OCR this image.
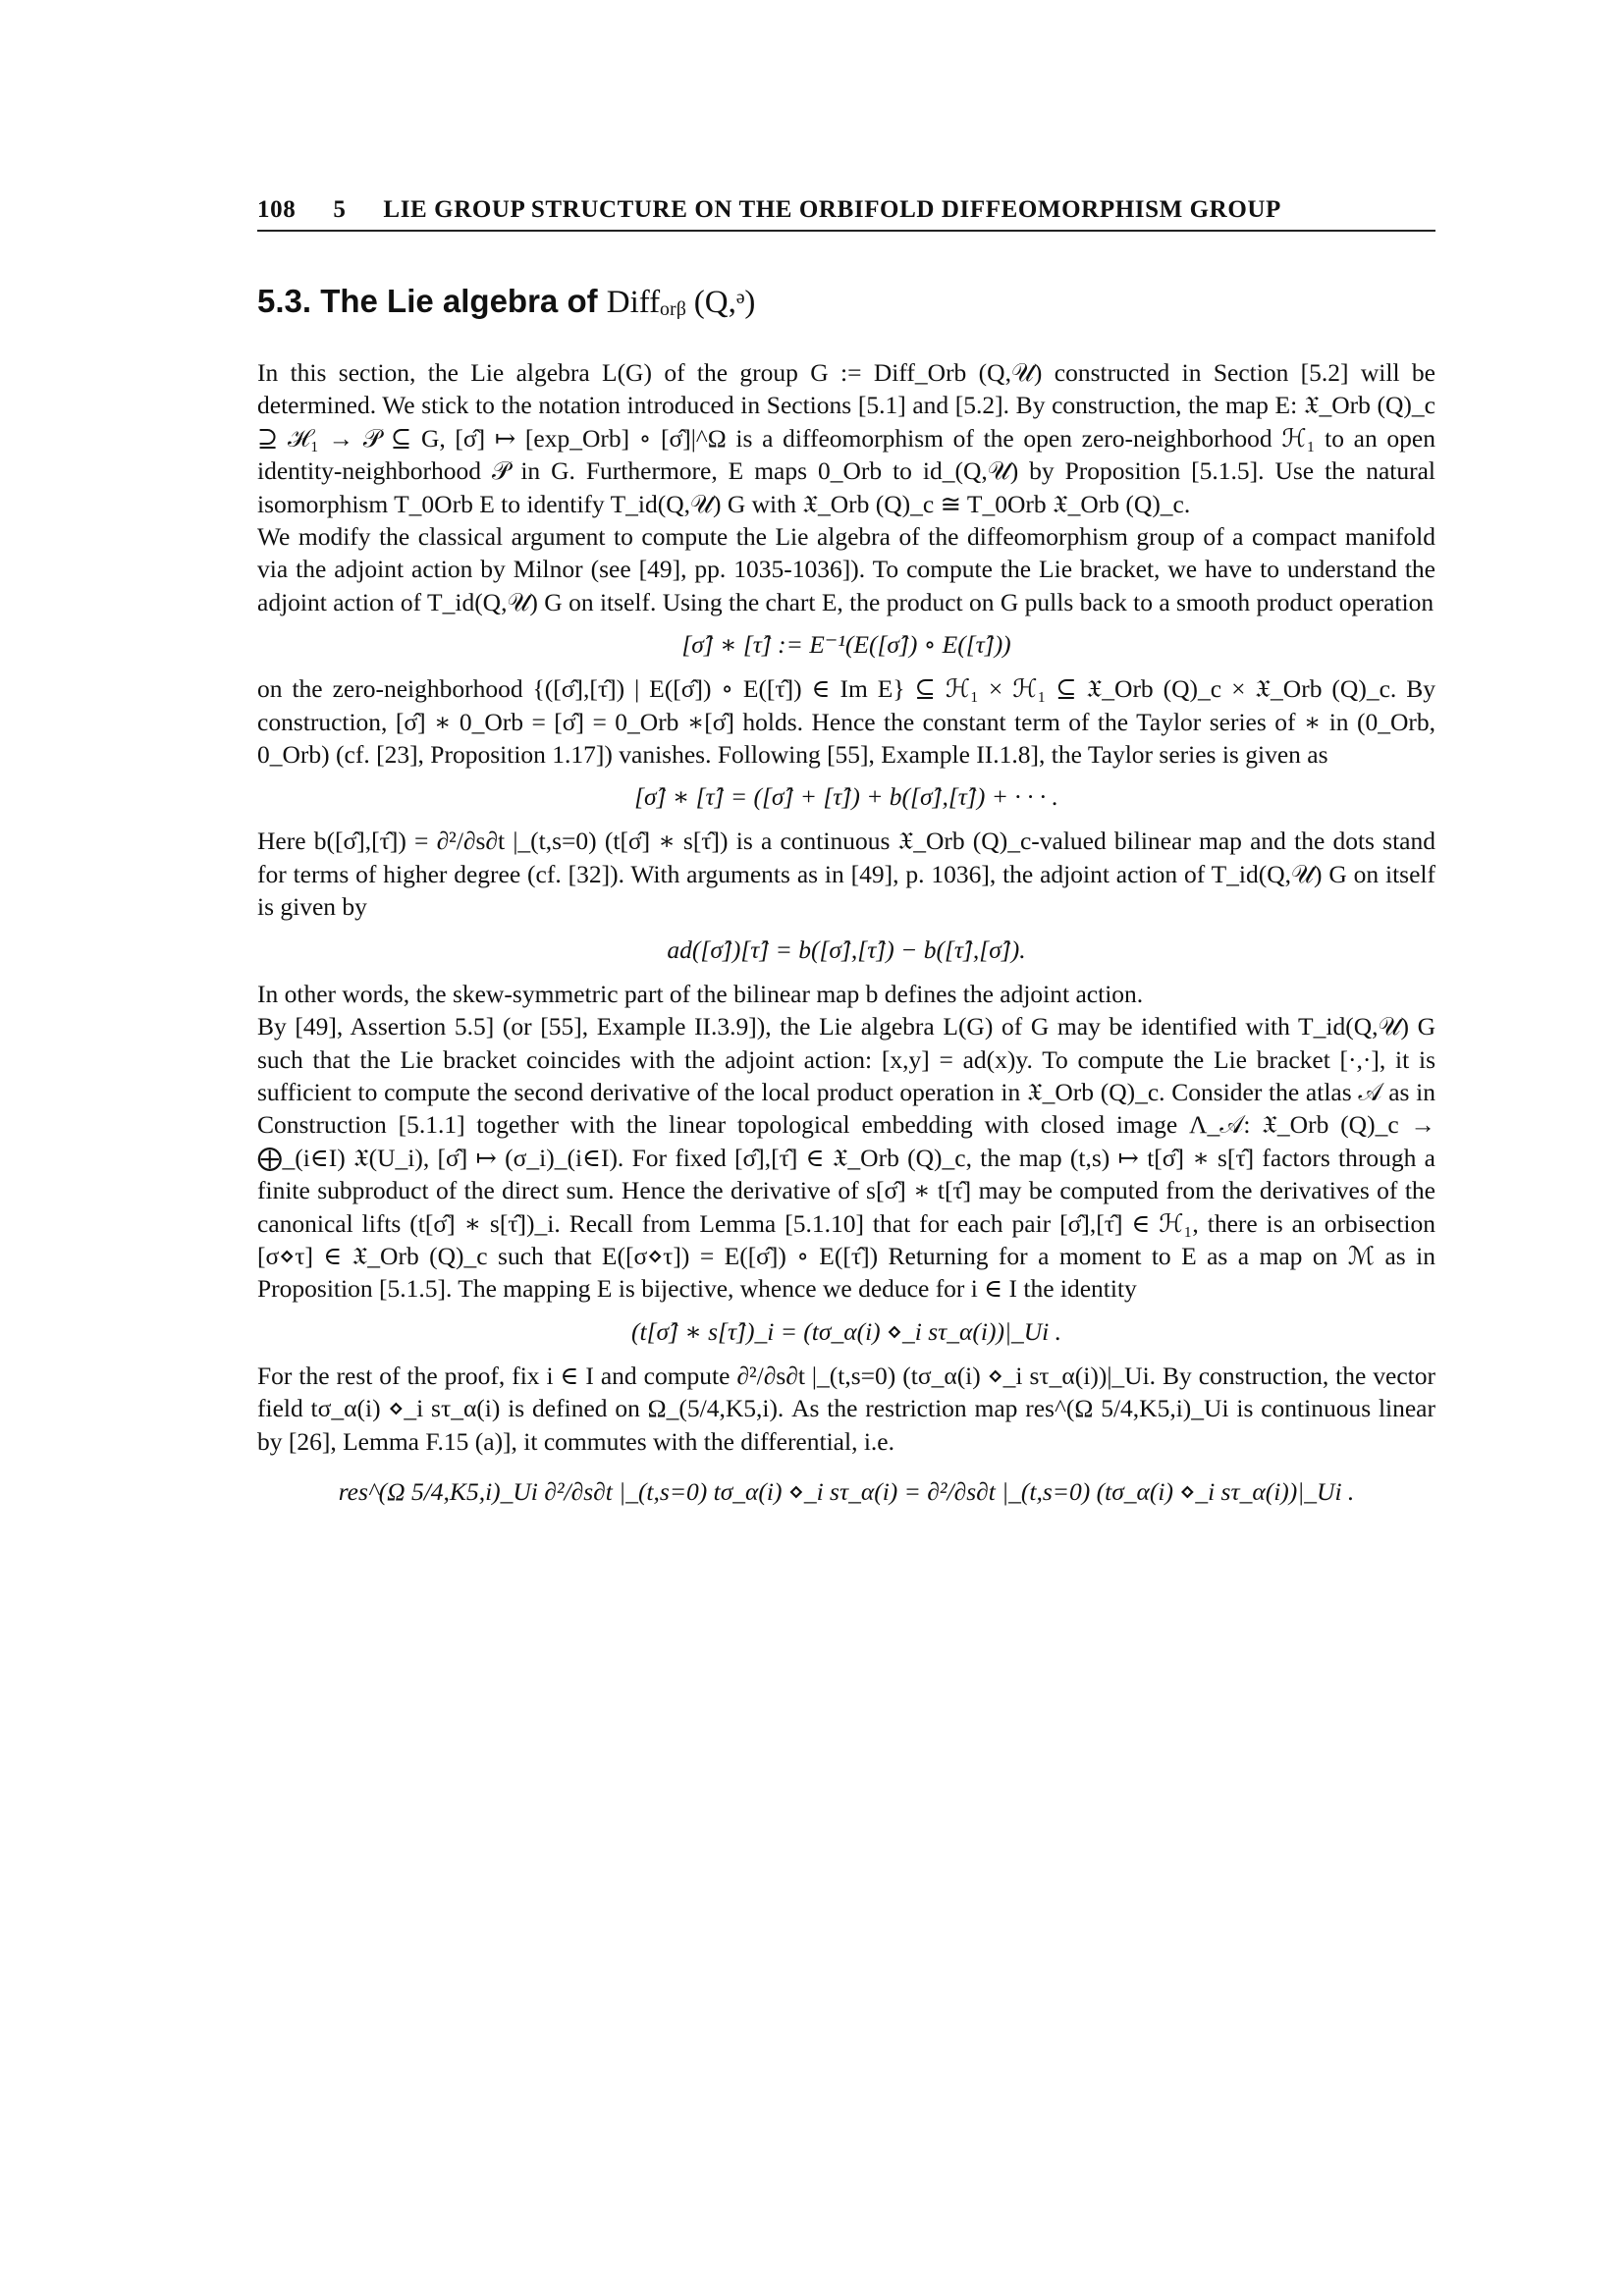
108 5 LIE GROUP STRUCTURE ON THE ORBIFOLD DIFFEOMORPHISM GROUP
5.3. The Lie algebra of Diffₒᵣᵦ (Q,ᵊ)

In this section, the Lie algebra L(G) of the group G := Diff_Orb (Q,𝒰) constructed in Section [5.2] will be determined. We stick to the notation introduced in Sections [5.1] and [5.2]. By construction, the map E: 𝔛_Orb (Q)_c ⊇ ℋ₁ → 𝒫 ⊆ G, [σ̂] ↦ [exp_Orb] ∘ [σ̂]|^Ω is a diffeomorphism of the open zero-neighborhood ℋ₁ to an open identity-neighborhood 𝒫 in G. Furthermore, E maps 0_Orb to id_(Q,𝒰) by Proposition [5.1.5]. Use the natural isomorphism T_0Orb E to identify T_id(Q,𝒰) G with 𝔛_Orb (Q)_c ≅ T_0Orb 𝔛_Orb (Q)_c.

We modify the classical argument to compute the Lie algebra of the diffeomorphism group of a compact manifold via the adjoint action by Milnor (see [49], pp. 1035-1036]). To compute the Lie bracket, we have to understand the adjoint action of T_id(Q,𝒰) G on itself. Using the chart E, the product on G pulls back to a smooth product operation

[σ̂] ∗ [τ̂] := E⁻¹(E([σ̂]) ∘ E([τ̂]))

on the zero-neighborhood {([σ̂],[τ̂]) | E([σ̂]) ∘ E([τ̂]) ∈ Im E} ⊆ ℋ₁ × ℋ₁ ⊆ 𝔛_Orb (Q)_c × 𝔛_Orb (Q)_c. By construction, [σ̂] ∗ 0_Orb = [σ̂] = 0_Orb ∗[σ̂] holds. Hence the constant term of the Taylor series of ∗ in (0_Orb, 0_Orb) (cf. [23], Proposition 1.17]) vanishes. Following [55], Example II.1.8], the Taylor series is given as

[σ̂] ∗ [τ̂] = ([σ̂] + [τ̂]) + b([σ̂],[τ̂]) + · · · .

Here b([σ̂],[τ̂]) = ∂²/∂s∂t |_(t,s=0) (t[σ̂] ∗ s[τ̂]) is a continuous 𝔛_Orb (Q)_c-valued bilinear map and the dots stand for terms of higher degree (cf. [32]). With arguments as in [49], p. 1036], the adjoint action of T_id(Q,𝒰) G on itself is given by

ad([σ̂])[τ̂] = b([σ̂],[τ̂]) − b([τ̂],[σ̂]).

In other words, the skew-symmetric part of the bilinear map b defines the adjoint action.

By [49], Assertion 5.5] (or [55], Example II.3.9]), the Lie algebra L(G) of G may be identified with T_id(Q,𝒰) G such that the Lie bracket coincides with the adjoint action: [x,y] = ad(x)y. To compute the Lie bracket [·,·], it is sufficient to compute the second derivative of the local product operation in 𝔛_Orb (Q)_c. Consider the atlas 𝒜 as in Construction [5.1.1] together with the linear topological embedding with closed image Λ_𝒜: 𝔛_Orb (Q)_c → ⨁_(i∈I) 𝔛(U_i), [σ̂] ↦ (σ_i)_(i∈I). For fixed [σ̂],[τ̂] ∈ 𝔛_Orb (Q)_c, the map (t,s) ↦ t[σ̂] ∗ s[τ̂] factors through a finite subproduct of the direct sum. Hence the derivative of s[σ̂] ∗ t[τ̂] may be computed from the derivatives of the canonical lifts (t[σ̂] ∗ s[τ̂])_i. Recall from Lemma [5.1.10] that for each pair [σ̂],[τ̂] ∈ ℋ₁, there is an orbisection [σ⋄τ] ∈ 𝔛_Orb (Q)_c such that E([σ⋄τ]) = E([σ̂]) ∘ E([τ̂]) Returning for a moment to E as a map on ℳ as in Proposition [5.1.5]. The mapping E is bijective, whence we deduce for i ∈ I the identity

(t[σ̂] ∗ s[τ̂])_i = (tσ_α(i) ⋄_i sτ_α(i))|_Ui .

For the rest of the proof, fix i ∈ I and compute ∂²/∂s∂t |_(t,s=0) (tσ_α(i) ⋄_i sτ_α(i))|_Ui. By construction, the vector field tσ_α(i) ⋄_i sτ_α(i) is defined on Ω_(5/4,K5,i). As the restriction map res^(Ω 5/4,K5,i)_Ui is continuous linear by [26], Lemma F.15 (a)], it commutes with the differential, i.e.

res^(Ω 5/4,K5,i)_Ui ∂²/∂s∂t |_(t,s=0) tσ_α(i) ⋄_i sτ_α(i) = ∂²/∂s∂t |_(t,s=0) (tσ_α(i) ⋄_i sτ_α(i))|_Ui .
